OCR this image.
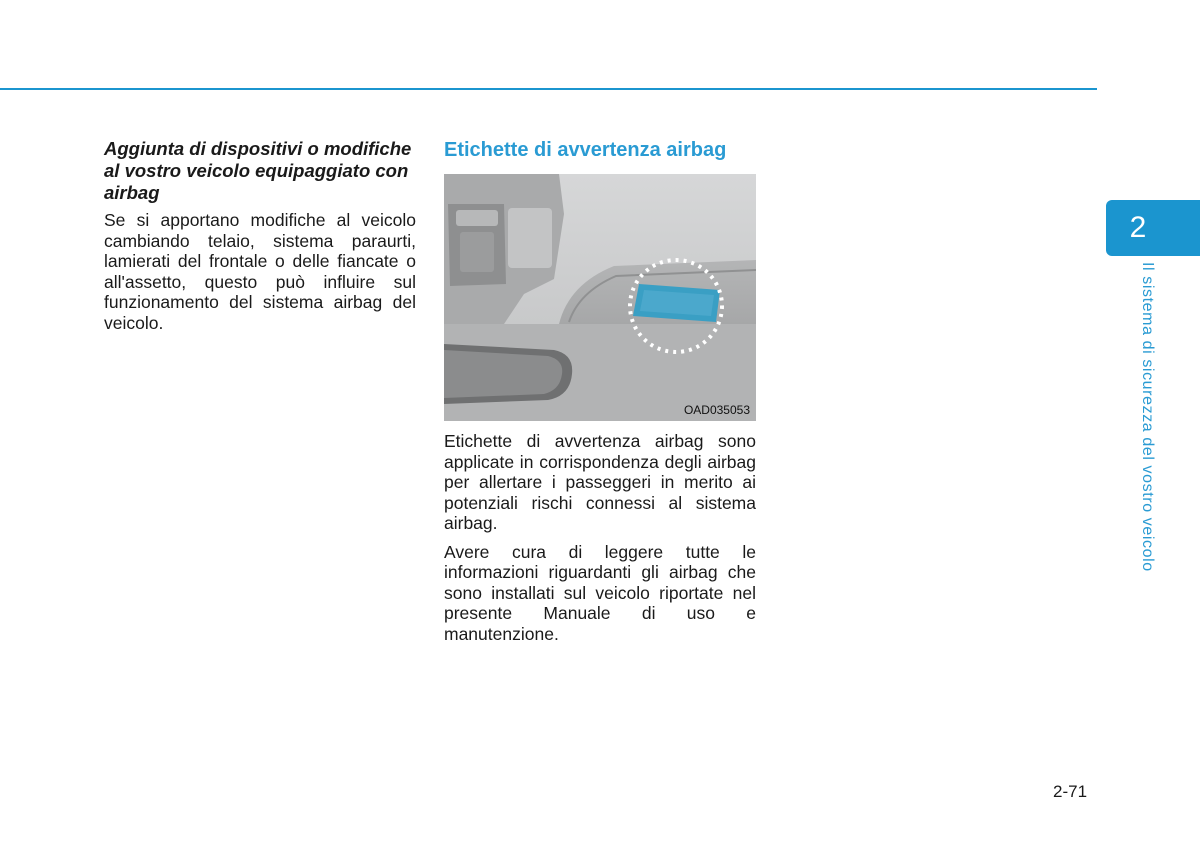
Aggiunta di dispositivi o modifiche al vostro veicolo equipaggiato con airbag

Se si apportano modifiche al veicolo cambiando telaio, sistema paraurti, lamierati del frontale o delle fiancate o all'assetto, questo può influire sul funzionamento del sistema airbag del veicolo.

Etichette di avvertenza airbag
OAD035053

Etichette di avvertenza airbag sono applicate in corrispondenza degli airbag per allertare i passeggeri in merito ai potenziali rischi connessi al sistema airbag.

Avere cura di leggere tutte le informazioni riguardanti gli airbag che sono installati sul veicolo riportate nel presente Manuale di uso e manutenzione.

2
Il sistema di sicurezza del vostro veicolo
2-71
